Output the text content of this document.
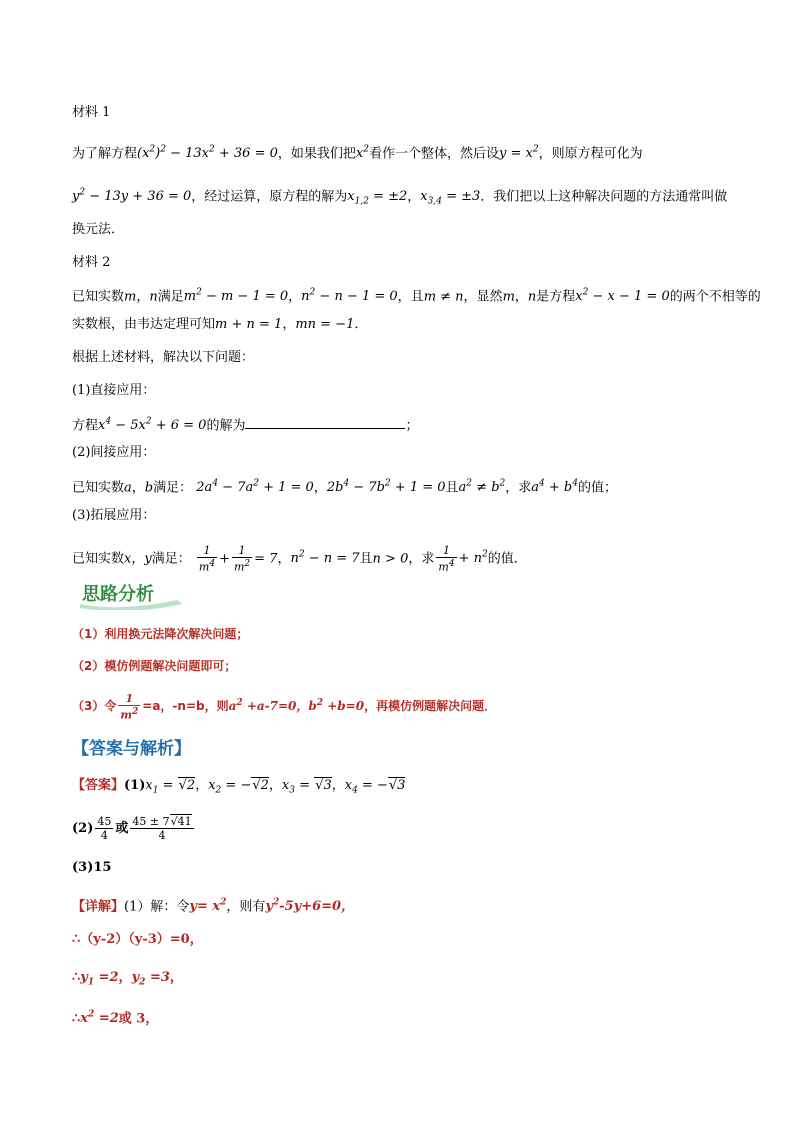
材料 1
为了解方程$(x^2)^2 - 13x^2 + 36 = 0$，如果我们把$x^2$看作一个整体，然后设$y = x^2$，则原方程可化为
$y^2 - 13y + 36 = 0$，经过运算，原方程的解为$x_{1,2} = \pm 2$，$x_{3,4} = \pm 3$．我们把以上这种解决问题的方法通常叫做
换元法．
材料 2
已知实数m，n满足$m^2 - m - 1 = 0$，$n^2 - n - 1 = 0$，且m ≠ n，显然m，n是方程$x^2 - x - 1 = 0$的两个不相等的
实数根，由韦达定理可知m + n = 1，mn = −1．
根据上述材料，解决以下问题：
(1)直接应用：
方程$x^4 - 5x^2 + 6 = 0$的解为	；
(2)间接应用：
已知实数a，b满足： $2a^4 - 7a^2 + 1 = 0$，$2b^4 - 7b^2 + 1 = 0$且$a^2 \ne b^2$，求$a^4 + b^4$的值；
(3)拓展应用：
已知实数x，y满足： $\frac{1}{m^4} + \frac{1}{m^2} = 7$，$n^2 - n = 7$且n > 0，求 $\frac{1}{m^4} + n^2$的值．
思路分析
（1）利用换元法降次解决问题；
（2）模仿例题解决问题即可；
（3）令 $\frac{1}{m^2} =a$，-n=b，则$a^2 +a-7=0$，$b^2 +b=0$，再模仿例题解决问题．
【答案与解析】
【答案】$(1)x_1 = √2$，$x_2 = -√2$，$x_3 = √3$，$x_4 = -√3$
$(2) \frac{45}{4}$ 或 $\frac{45 \pm 7√41}{4}$
(3)15
【详解】(1）解：令$y= x^2$，则有$y^2-5y+6=0$，
∴（y-2）（y-3）=0，
$\therefore y_1 =2$，$y_2 =3$，
$\therefore x^2 =2$或 3，
